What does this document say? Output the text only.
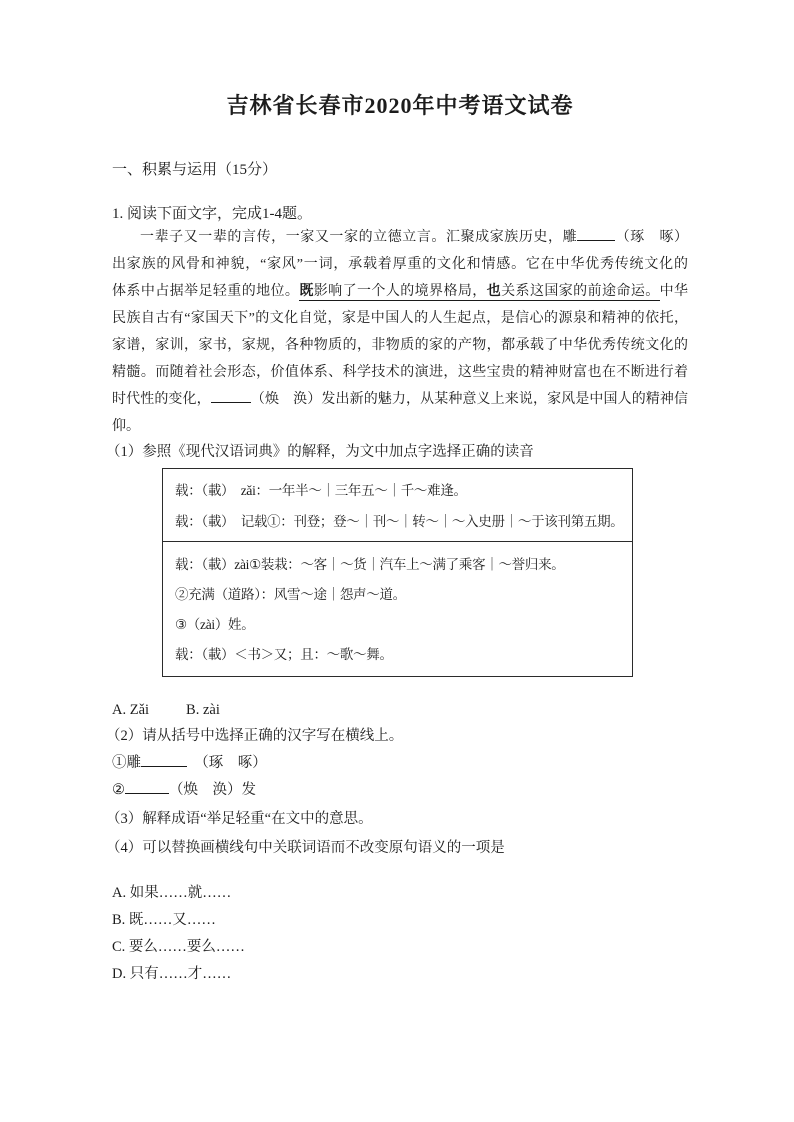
吉林省长春市2020年中考语文试卷
一、积累与运用（15分）
1. 阅读下面文字，完成1-4题。
一辈子又一辈的言传，一家又一家的立德立言。汇聚成家族历史，雕	（琢　啄）
出家族的风骨和神貌，“家风”一词，承载着厚重的文化和情感。它在中华优秀传统文化的
体系中占据举足轻重的地位。既影响了一个人的境界格局，也关系这国家的前途命运。中华
民族自古有“家国天下”的文化自觉，家是中国人的人生起点，是信心的源泉和精神的依托，
家谱，家训，家书，家规，各种物质的，非物质的家的产物，都承载了中华优秀传统文化的
精髓。而随着社会形态，价值体系、科学技术的演进，这些宝贵的精神财富也在不断进行着
时代性的变化，	（焕　涣）发出新的魅力，从某种意义上来说，家风是中国人的精神信
仰。
（1）参照《现代汉语词典》的解释，为文中加点字选择正确的读音
载：（載）　zǎi：一年半～｜三年五～｜千～难逢。
载：（載）　记载①：刊登；登～｜刊～｜转～｜～入史册｜～于该刊第五期。
载：（載）zài①装栽：～客｜～货｜汽车上～满了乘客｜～誉归来。
②充满（道路）：风雪～途｜怨声～道。
③（zài）姓。
载：（載）＜书＞又；且：～歌～舞。
A. Zǎi	B. zài
（2）请从括号中选择正确的汉字写在横线上。
①雕	　（琢　啄）
②	（焕　涣）发
（3）解释成语“举足轻重“在文中的意思。
（4）可以替换画横线句中关联词语而不改变原句语义的一项是
A. 如果……就……
B. 既……又……
C. 要么……要么……
D. 只有……才……
